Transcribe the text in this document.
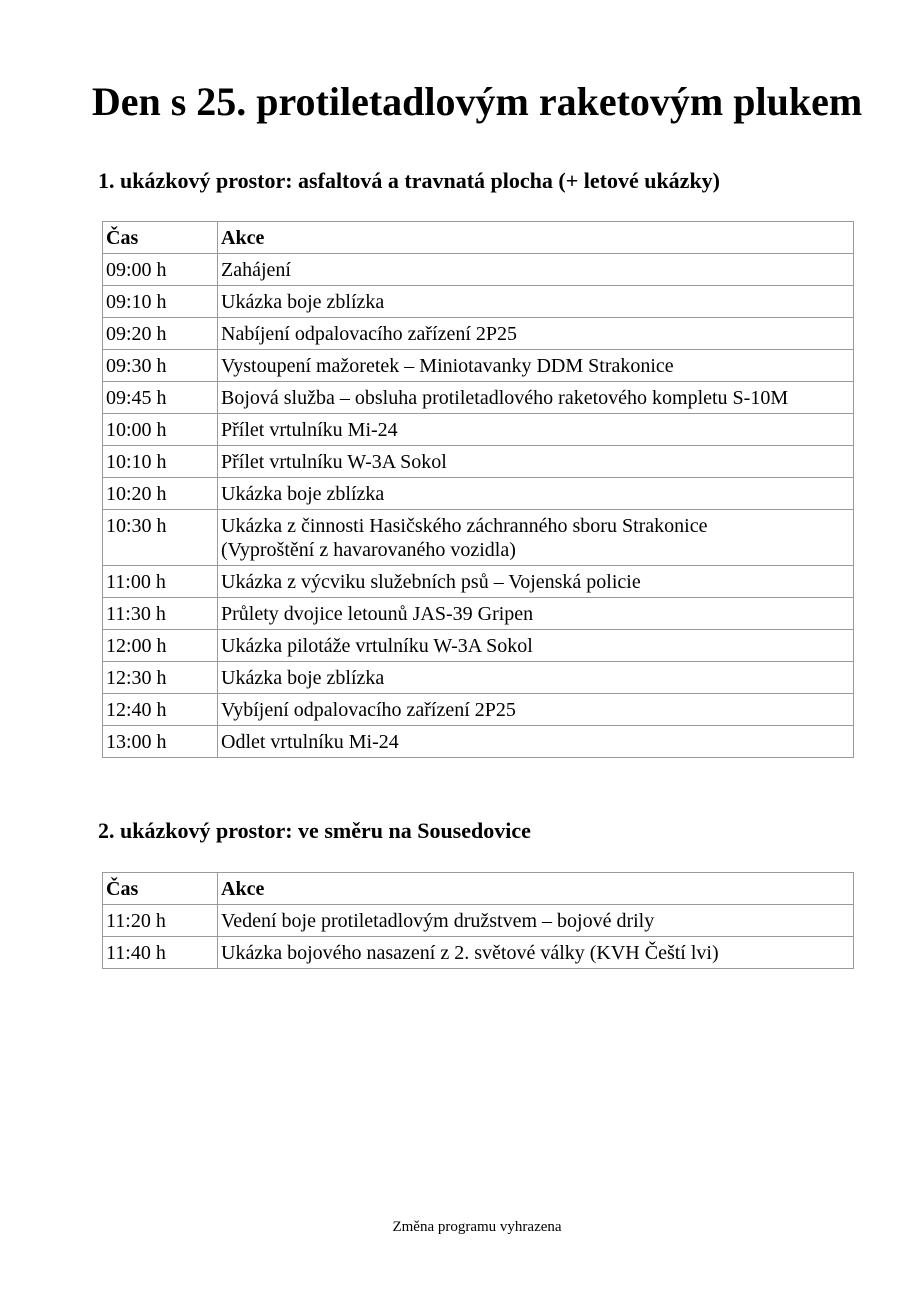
Den s 25. protiletadlovým raketovým plukem
1. ukázkový prostor: asfaltová a travnatá plocha (+ letové ukázky)
Čas	Akce
09:00 h	Zahájení
09:10 h	Ukázka boje zblízka
09:20 h	Nabíjení odpalovacího zařízení 2P25
09:30 h	Vystoupení mažoretek – Miniotavanky DDM Strakonice
09:45 h	Bojová služba – obsluha protiletadlového raketového kompletu S-10M
10:00 h	Přílet vrtulníku Mi-24
10:10 h	Přílet vrtulníku W-3A Sokol
10:20 h	Ukázka boje zblízka
10:30 h	Ukázka z činnosti Hasičského záchranného sboru Strakonice
(Vyproštění z havarovaného vozidla)

11:00 h	Ukázka z výcviku služebních psů – Vojenská policie
11:30 h	Průlety dvojice letounů JAS-39 Gripen
12:00 h	Ukázka pilotáže vrtulníku W-3A Sokol
12:30 h	Ukázka boje zblízka
12:40 h	Vybíjení odpalovacího zařízení 2P25
13:00 h	Odlet vrtulníku Mi-24
2. ukázkový prostor: ve směru na Sousedovice
Čas	Akce
11:20 h	Vedení boje protiletadlovým družstvem – bojové drily
11:40 h	Ukázka bojového nasazení z 2. světové války (KVH Čeští lvi)

Změna programu vyhrazena
